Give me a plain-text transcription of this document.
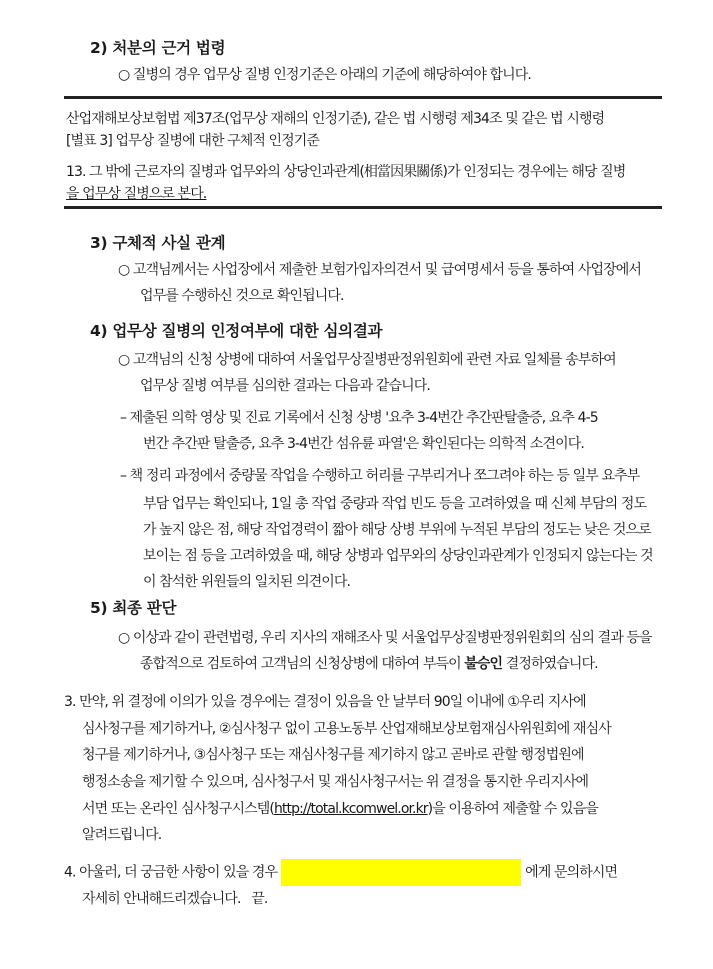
2) 처분의 근거 법령
○ 질병의 경우 업무상 질병 인정기준은 아래의 기준에 해당하여야 합니다.
산업재해보상보험법 제37조(업무상 재해의 인정기준), 같은 법 시행령 제34조 및 같은 법 시행령
[별표 3] 업무상 질병에 대한 구체적 인정기준
13. 그 밖에 근로자의 질병과 업무와의 상당인과관계(相當因果關係)가 인정되는 경우에는 해당 질병
을 업무상 질병으로 본다.
3) 구체적 사실 관계
○ 고객님께서는 사업장에서 제출한 보험가입자의견서 및 급여명세서 등을 통하여 사업장에서
업무를 수행하신 것으로 확인됩니다.
4) 업무상 질병의 인정여부에 대한 심의결과
○ 고객님의 신청 상병에 대하여 서울업무상질병판정위원회에 관련 자료 일체를 송부하여
업무상 질병 여부를 심의한 결과는 다음과 같습니다.
– 제출된 의학 영상 및 진료 기록에서 신청 상병 '요추 3-4번간 추간판탈출증, 요추 4-5
번간 추간판 탈출증, 요추 3-4번간 섬유륜 파열'은 확인된다는 의학적 소견이다.
– 책 정리 과정에서 중량물 작업을 수행하고 허리를 구부리거나 쪼그려야 하는 등 일부 요추부
부담 업무는 확인되나, 1일 총 작업 중량과 작업 빈도 등을 고려하였을 때 신체 부담의 정도
가 높지 않은 점, 해당 작업경력이 짧아 해당 상병 부위에 누적된 부담의 정도는 낮은 것으로
보이는 점 등을 고려하였을 때, 해당 상병과 업무와의 상당인과관계가 인정되지 않는다는 것
이 참석한 위원들의 일치된 의견이다.
5) 최종 판단
○ 이상과 같이 관련법령, 우리 지사의 재해조사 및 서울업무상질병판정위원회의 심의 결과 등을
종합적으로 검토하여 고객님의 신청상병에 대하여 부득이 불승인 결정하였습니다.
3. 만약, 위 결정에 이의가 있을 경우에는 결정이 있음을 안 날부터 90일 이내에 ①우리 지사에
심사청구를 제기하거나, ②심사청구 없이 고용노동부 산업재해보상보험재심사위원회에 재심사
청구를 제기하거나, ③심사청구 또는 재심사청구를 제기하지 않고 곧바로 관할 행정법원에
행정소송을 제기할 수 있으며, 심사청구서 및 재심사청구서는 위 결정을 통지한 우리지사에
서면 또는 온라인 심사청구시스템(http://total.kcomwel.or.kr)을 이용하여 제출할 수 있음을
알려드립니다.
4. 아울러, 더 궁금한 사항이 있을 경우	에게 문의하시면
자세히 안내해드리겠습니다.   끝.
